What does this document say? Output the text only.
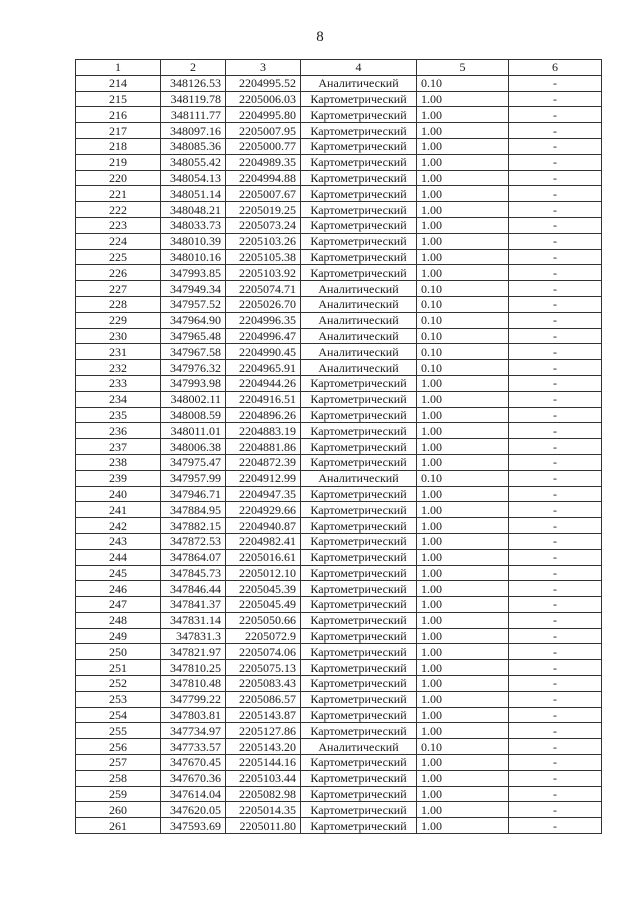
8
1	2	3	4	5	6
214	348126.53	2204995.52	Аналитический	0.10	-
215	348119.78	2205006.03	Картометрический	1.00	-
216	348111.77	2204995.80	Картометрический	1.00	-
217	348097.16	2205007.95	Картометрический	1.00	-
218	348085.36	2205000.77	Картометрический	1.00	-
219	348055.42	2204989.35	Картометрический	1.00	-
220	348054.13	2204994.88	Картометрический	1.00	-
221	348051.14	2205007.67	Картометрический	1.00	-
222	348048.21	2205019.25	Картометрический	1.00	-
223	348033.73	2205073.24	Картометрический	1.00	-
224	348010.39	2205103.26	Картометрический	1.00	-
225	348010.16	2205105.38	Картометрический	1.00	-
226	347993.85	2205103.92	Картометрический	1.00	-
227	347949.34	2205074.71	Аналитический	0.10	-
228	347957.52	2205026.70	Аналитический	0.10	-
229	347964.90	2204996.35	Аналитический	0.10	-
230	347965.48	2204996.47	Аналитический	0.10	-
231	347967.58	2204990.45	Аналитический	0.10	-
232	347976.32	2204965.91	Аналитический	0.10	-
233	347993.98	2204944.26	Картометрический	1.00	-
234	348002.11	2204916.51	Картометрический	1.00	-
235	348008.59	2204896.26	Картометрический	1.00	-
236	348011.01	2204883.19	Картометрический	1.00	-
237	348006.38	2204881.86	Картометрический	1.00	-
238	347975.47	2204872.39	Картометрический	1.00	-
239	347957.99	2204912.99	Аналитический	0.10	-
240	347946.71	2204947.35	Картометрический	1.00	-
241	347884.95	2204929.66	Картометрический	1.00	-
242	347882.15	2204940.87	Картометрический	1.00	-
243	347872.53	2204982.41	Картометрический	1.00	-
244	347864.07	2205016.61	Картометрический	1.00	-
245	347845.73	2205012.10	Картометрический	1.00	-
246	347846.44	2205045.39	Картометрический	1.00	-
247	347841.37	2205045.49	Картометрический	1.00	-
248	347831.14	2205050.66	Картометрический	1.00	-
249	347831.3	2205072.9	Картометрический	1.00	-
250	347821.97	2205074.06	Картометрический	1.00	-
251	347810.25	2205075.13	Картометрический	1.00	-
252	347810.48	2205083.43	Картометрический	1.00	-
253	347799.22	2205086.57	Картометрический	1.00	-
254	347803.81	2205143.87	Картометрический	1.00	-
255	347734.97	2205127.86	Картометрический	1.00	-
256	347733.57	2205143.20	Аналитический	0.10	-
257	347670.45	2205144.16	Картометрический	1.00	-
258	347670.36	2205103.44	Картометрический	1.00	-
259	347614.04	2205082.98	Картометрический	1.00	-
260	347620.05	2205014.35	Картометрический	1.00	-
261	347593.69	2205011.80	Картометрический	1.00	-
